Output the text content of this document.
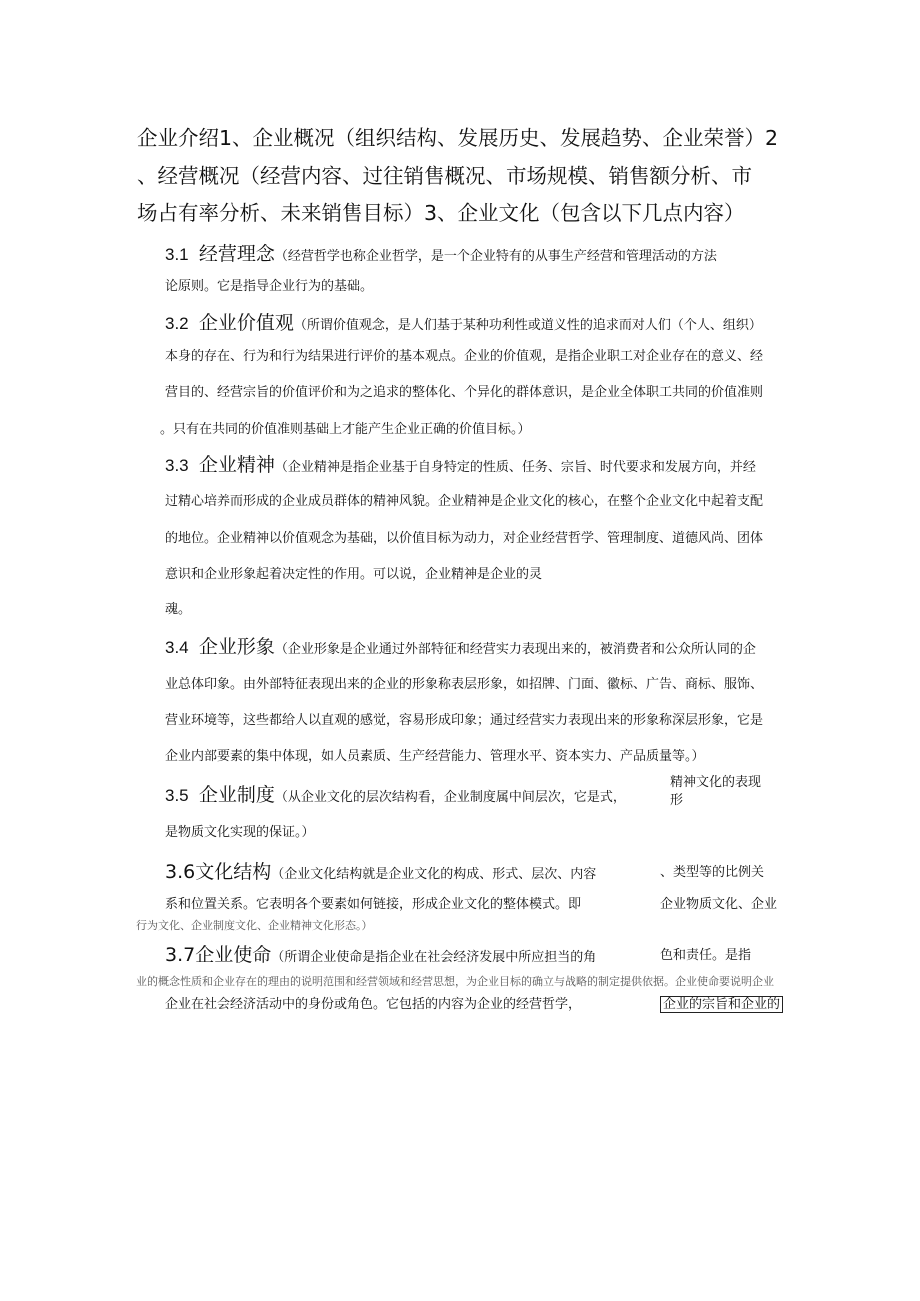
企业介绍1、企业概况（组织结构、发展历史、发展趋势、企业荣誉）2
、经营概况（经营内容、过往销售概况、市场规模、销售额分析、市
场占有率分析、未来销售目标）3、企业文化（包含以下几点内容）
3.1 经营理念（经营哲学也称企业哲学，是一个企业特有的从事生产经营和管理活动的方法
论原则。它是指导企业行为的基础。
3.2 企业价值观（所谓价值观念，是人们基于某种功利性或道义性的追求而对人们（个人、组织）
本身的存在、行为和行为结果进行评价的基本观点。企业的价值观，是指企业职工对企业存在的意义、经
营目的、经营宗旨的价值评价和为之追求的整体化、个异化的群体意识，是企业全体职工共同的价值准则
。只有在共同的价值准则基础上才能产生企业正确的价值目标。）
3.3 企业精神（企业精神是指企业基于自身特定的性质、任务、宗旨、时代要求和发展方向，并经
过精心培养而形成的企业成员群体的精神风貌。企业精神是企业文化的核心，在整个企业文化中起着支配
的地位。企业精神以价值观念为基础，以价值目标为动力，对企业经营哲学、管理制度、道德风尚、团体
意识和企业形象起着决定性的作用。可以说，企业精神是企业的灵
魂。
3.4 企业形象（企业形象是企业通过外部特征和经营实力表现出来的，被消费者和公众所认同的企
业总体印象。由外部特征表现出来的企业的形象称表层形象，如招牌、门面、徽标、广告、商标、服饰、
营业环境等，这些都给人以直观的感觉，容易形成印象；通过经营实力表现出来的形象称深层形象，它是
企业内部要素的集中体现，如人员素质、生产经营能力、管理水平、资本实力、产品质量等。）
3.5 企业制度（从企业文化的层次结构看，企业制度属中间层次，它是式，
精神文化的表现
形
是物质文化实现的保证。）
3.6文化结构（企业文化结构就是企业文化的构成、形式、层次、内容	、类型等的比例关
系和位置关系。它表明各个要素如何链接，形成企业文化的整体模式。即	企业物质文化、企业
行为文化、企业制度文化、企业精神文化形态。）
3.7企业使命（所谓企业使命是指企业在社会经济发展中所应担当的角	色和责任。是指
业的概念性质和企业存在的理由的说明范围和经营领域和经营思想，为企业目标的确立与战略的制定提供依据。企业使命要说明企业
企业在社会经济活动中的身份或角色。它包括的内容为企业的经营哲学，	企业的宗旨和企业的
